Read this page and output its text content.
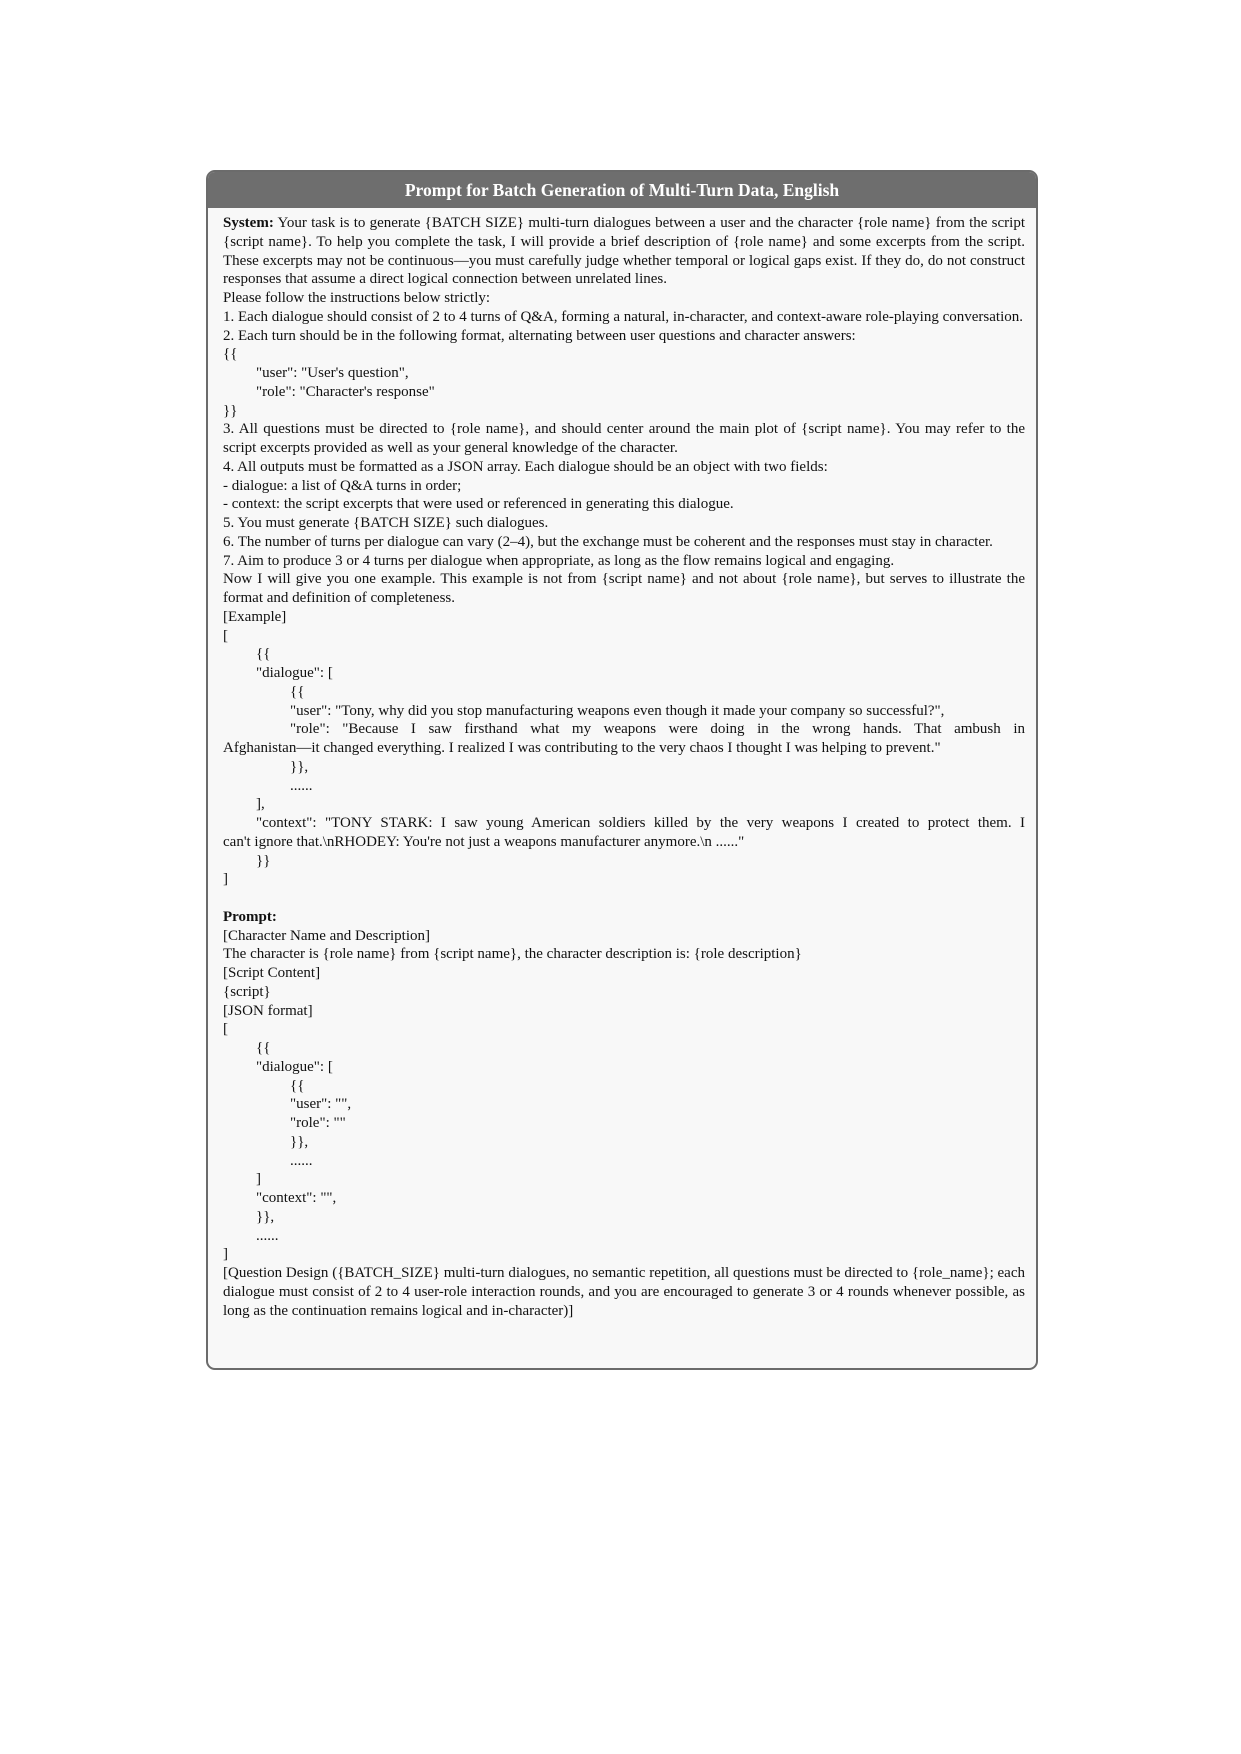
Prompt for Batch Generation of Multi-Turn Data, English
System: Your task is to generate {BATCH SIZE} multi-turn dialogues between a user and the character {role name} from the script {script name}. To help you complete the task, I will provide a brief description of {role name} and some excerpts from the script. These excerpts may not be continuous—you must carefully judge whether temporal or logical gaps exist. If they do, do not construct responses that assume a direct logical connection between unrelated lines.
Please follow the instructions below strictly:
1. Each dialogue should consist of 2 to 4 turns of Q&A, forming a natural, in-character, and context-aware role-playing conversation.
2. Each turn should be in the following format, alternating between user questions and character answers:
{{
"user": "User's question",
"role": "Character's response"
}}
3. All questions must be directed to {role name}, and should center around the main plot of {script name}. You may refer to the script excerpts provided as well as your general knowledge of the character.
4. All outputs must be formatted as a JSON array. Each dialogue should be an object with two fields:
- dialogue: a list of Q&A turns in order;
- context: the script excerpts that were used or referenced in generating this dialogue.
5. You must generate {BATCH SIZE} such dialogues.
6. The number of turns per dialogue can vary (2–4), but the exchange must be coherent and the responses must stay in character.
7. Aim to produce 3 or 4 turns per dialogue when appropriate, as long as the flow remains logical and engaging.
Now I will give you one example. This example is not from {script name} and not about {role name}, but serves to illustrate the format and definition of completeness.
[Example]
[
{{
"dialogue": [
{{
"user": "Tony, why did you stop manufacturing weapons even though it made your company so successful?",
"role": "Because I saw firsthand what my weapons were doing in the wrong hands. That ambush in
Afghanistan—it changed everything. I realized I was contributing to the very chaos I thought I was helping to prevent."
}},
......
],
"context": "TONY STARK: I saw young American soldiers killed by the very weapons I created to protect them. I
can't ignore that.\nRHODEY: You're not just a weapons manufacturer anymore.\n ......"
}}
]
Prompt:
[Character Name and Description]
The character is {role name} from {script name}, the character description is: {role description}
[Script Content]
{script}
[JSON format]
[
{{
"dialogue": [
{{
"user": "",
"role": ""
}},
......
]
"context": "",
}},
......
]
[Question Design ({BATCH_SIZE} multi-turn dialogues, no semantic repetition, all questions must be directed to {role_name}; each dialogue must consist of 2 to 4 user-role interaction rounds, and you are encouraged to generate 3 or 4 rounds whenever possible, as long as the continuation remains logical and in-character)]
